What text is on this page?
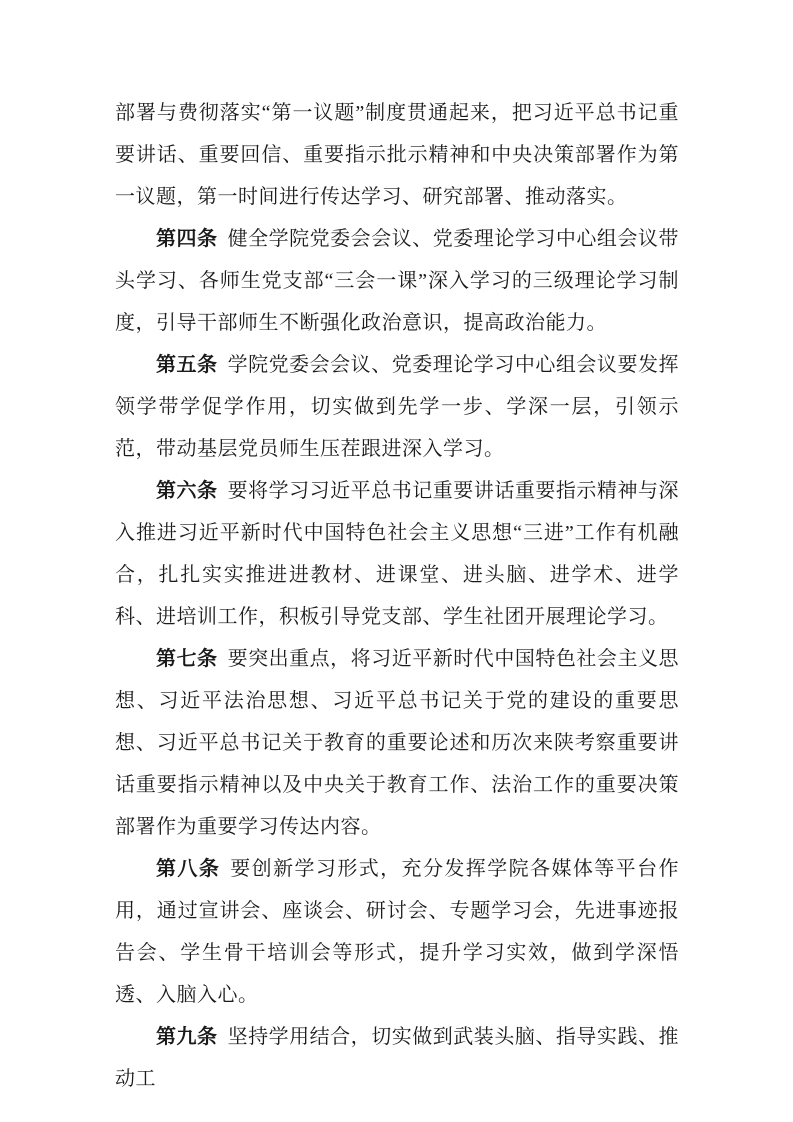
部署与费彻落实“第一议题”制度贯通起来，把习近平总书记重要讲话、重要回信、重要指示批示精神和中央决策部署作为第一议题，第一时间进行传达学习、研究部署、推动落实。

第四条 健全学院党委会会议、党委理论学习中心组会议带头学习、各师生党支部“三会一课”深入学习的三级理论学习制度，引导干部师生不断强化政治意识，提高政治能力。

第五条 学院党委会会议、党委理论学习中心组会议要发挥领学带学促学作用，切实做到先学一步、学深一层，引领示范，带动基层党员师生压茬跟进深入学习。

第六条 要将学习习近平总书记重要讲话重要指示精神与深入推进习近平新时代中国特色社会主义思想“三进”工作有机融合，扎扎实实推进进教材、进课堂、进头脑、进学术、进学科、进培训工作，积板引导党支部、学生社团开展理论学习。

第七条 要突出重点，将习近平新时代中国特色社会主义思想、习近平法治思想、习近平总书记关于党的建设的重要思想、习近平总书记关于教育的重要论述和历次来陕考察重要讲话重要指示精神以及中央关于教育工作、法治工作的重要决策部署作为重要学习传达内容。

第八条 要创新学习形式，充分发挥学院各媒体等平台作用，通过宣讲会、座谈会、研讨会、专题学习会，先进事迹报告会、学生骨干培训会等形式，提升学习实效，做到学深悟透、入脑入心。

第九条 坚持学用结合，切实做到武装头脑、指导实践、推动工
